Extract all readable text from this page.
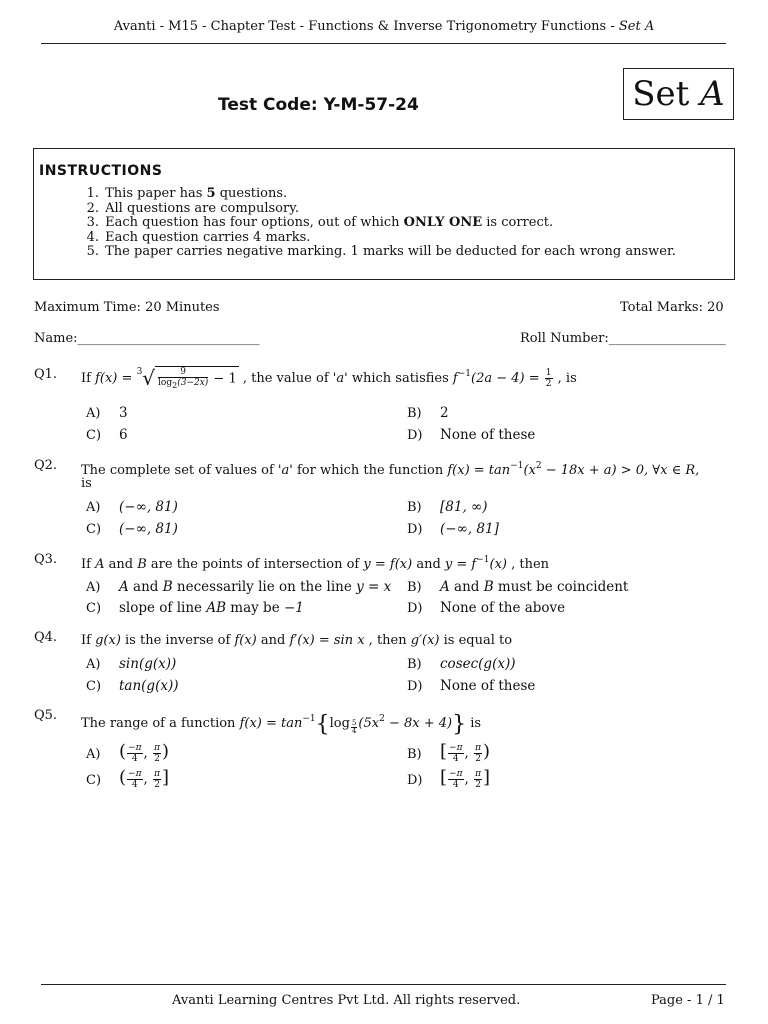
Avanti - M15 - Chapter Test - Functions & Inverse Trigonometry Functions - Set A
Test Code: Y-M-57-24	Set A
INSTRUCTIONS
1. This paper has 5 questions.
2. All questions are compulsory.
3. Each question has four options, out of which ONLY ONE is correct.
4. Each question carries 4 marks.
5. The paper carries negative marking. 1 marks will be deducted for each wrong answer.
Maximum Time: 20 Minutes	Total Marks: 20
Name:____________________________	Roll Number:__________________
Q1. If $f(x) = ^3√ \frac{9}{\log_2(3-2x)} - 1$ , the value of 'a' which satisfies $f^{-1}(2a - 4) = \frac{1}{2}$ , is
A) 3	B) 2
C) 6	D) None of these
Q2. The complete set of values of 'a' for which the function $f(x) = \tan^{-1}(x^2 - 18x + a) > 0$, ∀x ∈ R,
is
A) (−∞, 81)	B) [81, ∞)
C) (−∞, 81)	D) (−∞, 81]
Q3. If A and B are the points of intersection of y = f(x) and $y = f^{-1}(x)$ , then
A) A and B necessarily lie on the line y = x B) A and B must be coincident
C) slope of line AB may be −1	D) None of the above
Q4. If g(x) is the inverse of f(x) and f′(x) = sin x , then g′(x) is equal to
A) sin(g(x))	B) cosec(g(x))
C) tan(g(x))	D) None of these
Q5.
The range of a function $f(x) = \tan^{-1}\{\log \frac{5}{4} (5x^2 - 8x + 4)\}$ is
A) ( $\frac{-\pi}{4}$ , $\frac{\pi}{2}$ )	B) [ $\frac{-\pi}{4}$ , $\frac{\pi}{2}$ )
C) ( $\frac{-\pi}{4}$ , $\frac{\pi}{2}$ ]	D) [ $\frac{-\pi}{4}$ , $\frac{\pi}{2}$ ]
Avanti Learning Centres Pvt Ltd. All rights reserved.	Page - 1 / 1
